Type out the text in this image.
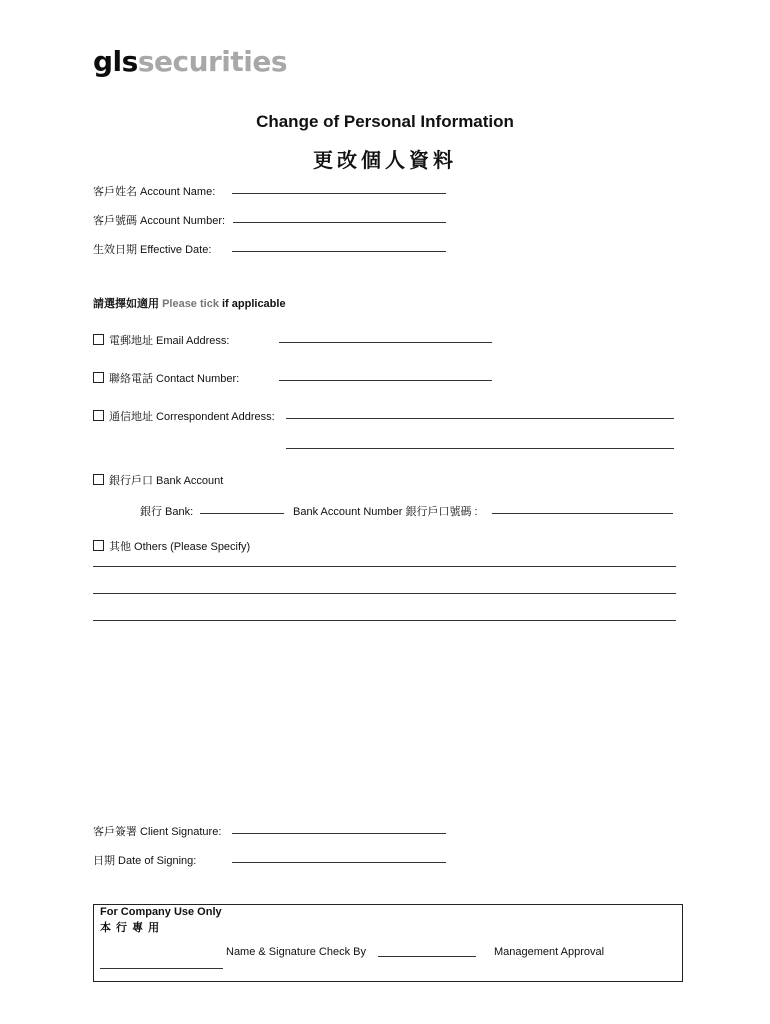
glssecurities
Change of Personal Information
更改個人資料
客戶姓名 Account Name:
客戶號碼 Account Number:
生效日期 Effective Date:
請選擇如適用 Please tick if applicable
電郵地址 Email Address:
聯絡電話 Contact Number:
通信地址 Correspondent Address:
銀行戶口 Bank Account
銀行 Bank:	Bank Account Number 銀行戶口號碼 :
其他 Others (Please Specify)
客戶簽署 Client Signature:
日期 Date of Signing:
For Company Use Only
本 行 專 用
Name & Signature Check By	Management Approval
